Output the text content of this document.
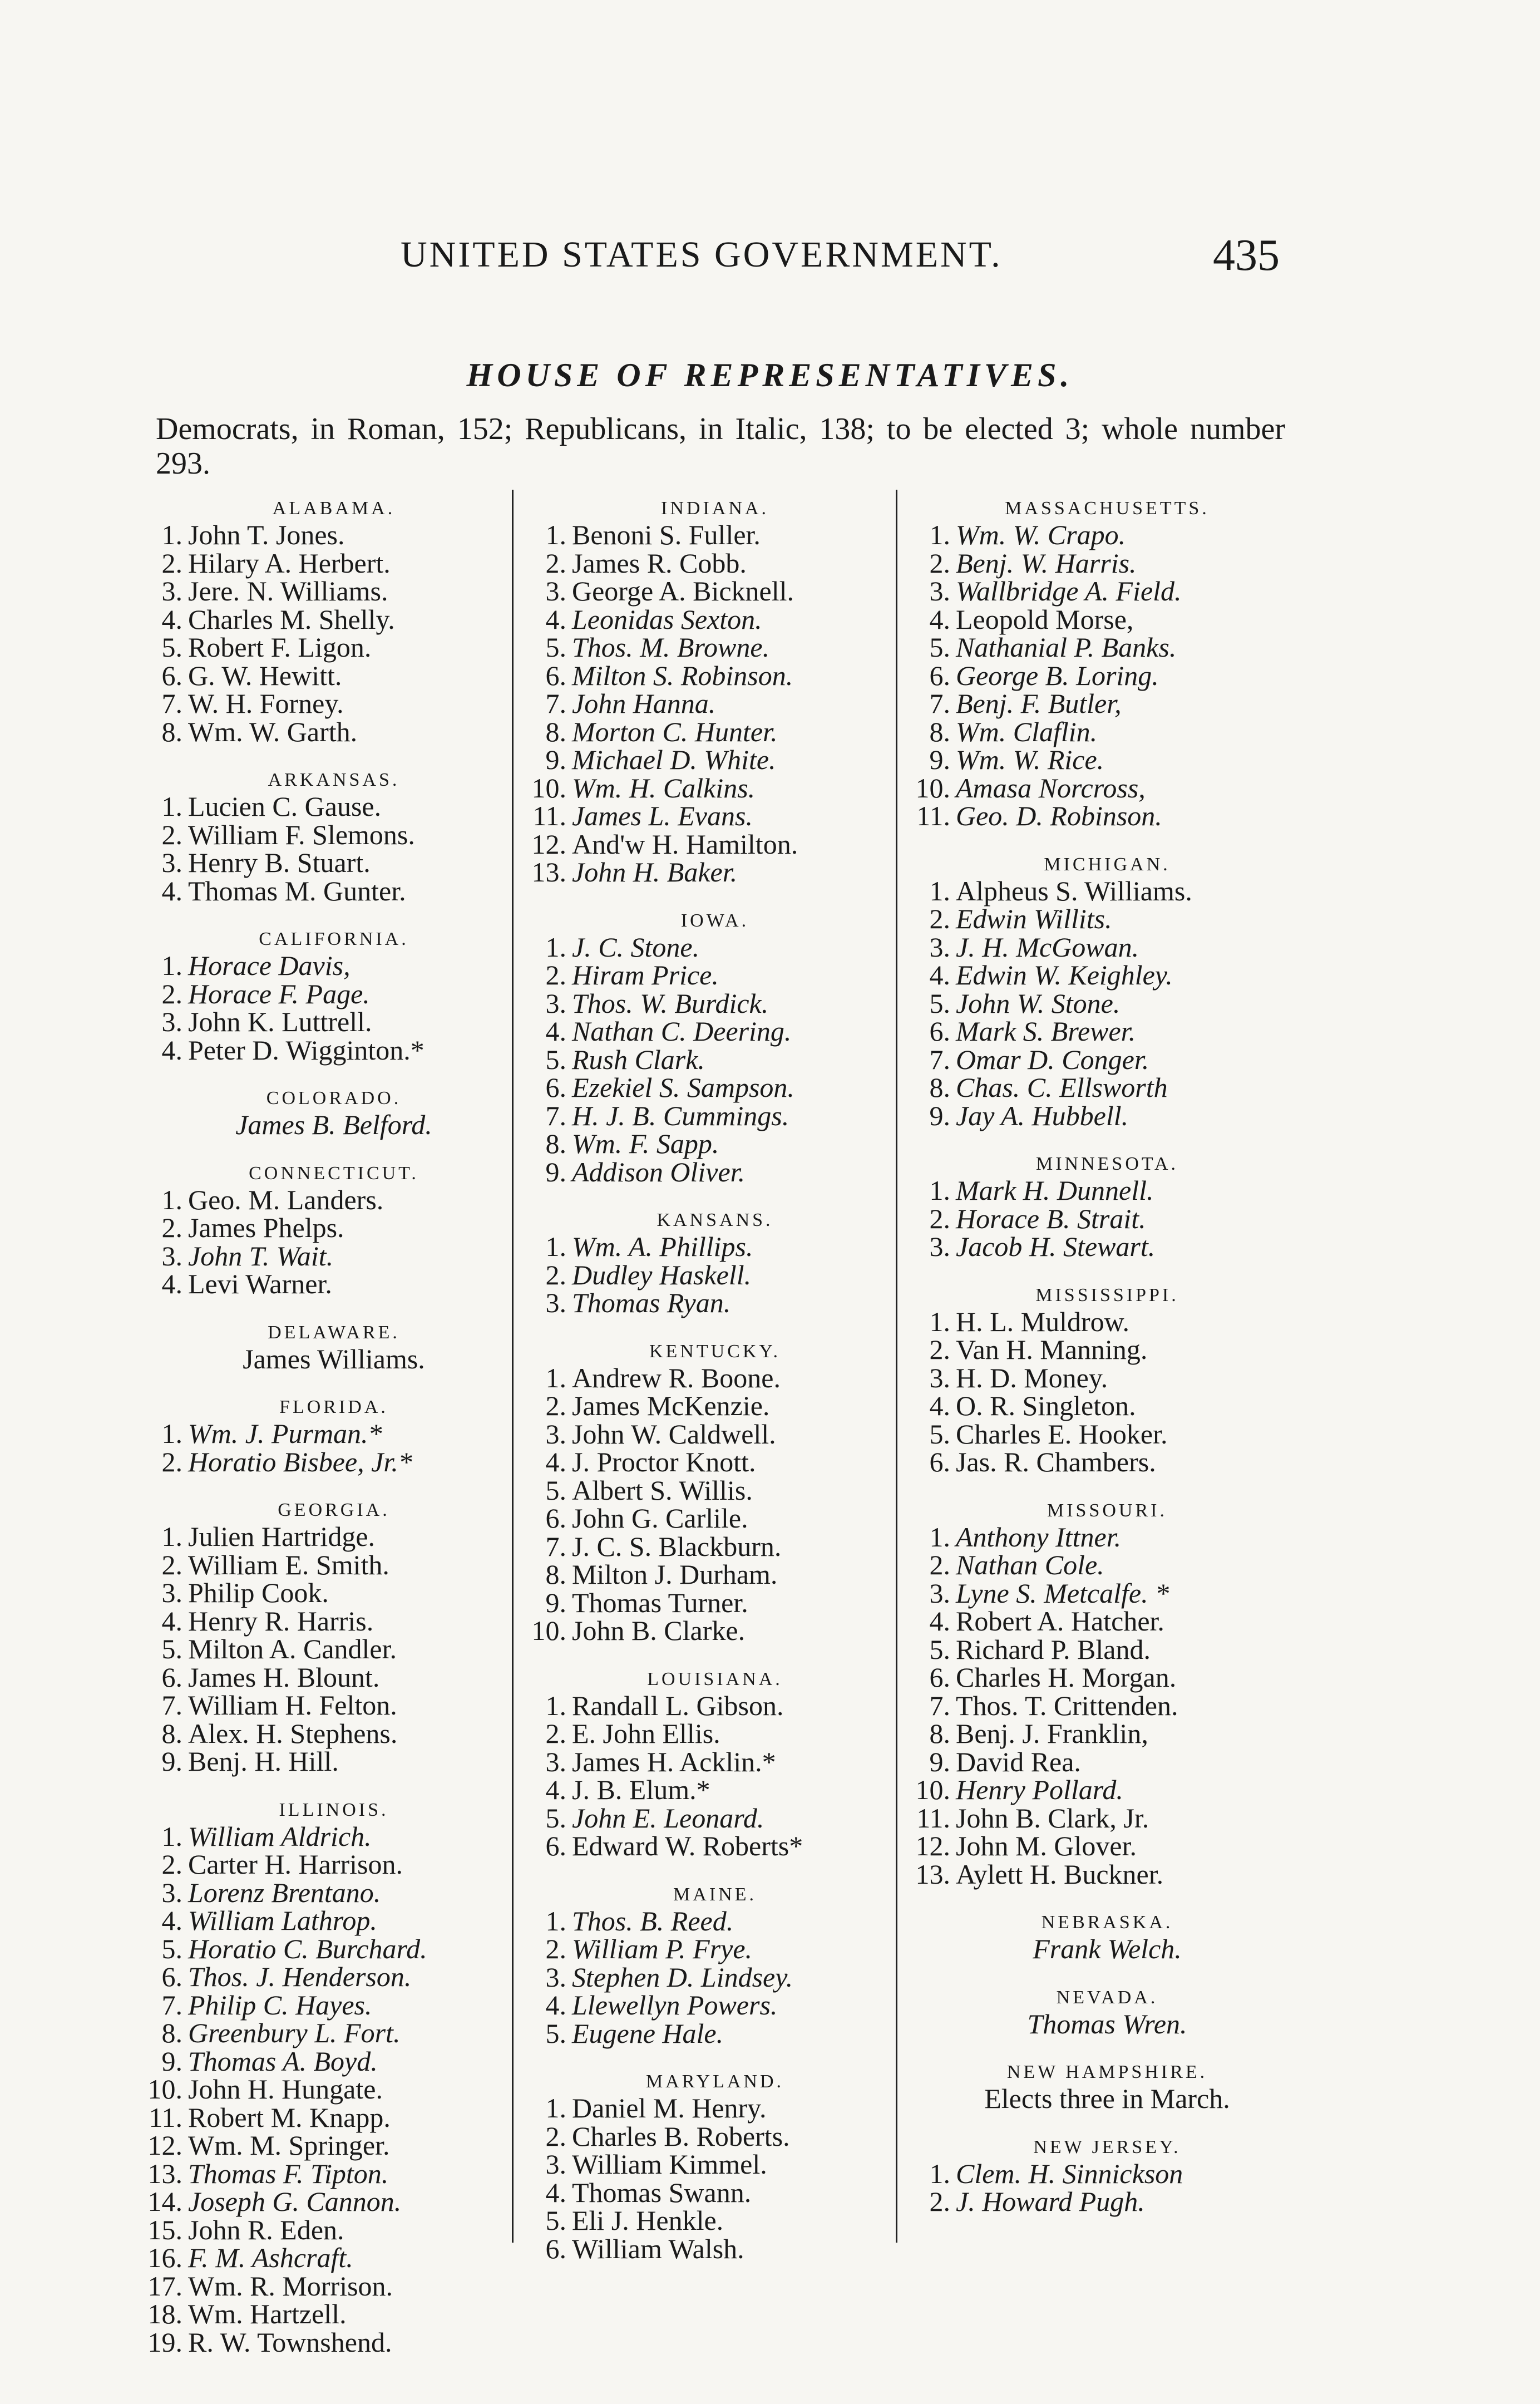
UNITED STATES GOVERNMENT.	435
HOUSE OF REPRESENTATIVES.
Democrats, in Roman, 152; Republicans, in Italic, 138; to be elected 3; whole number 293.
ALABAMA.
1. John T. Jones.
2. Hilary A. Herbert.
3. Jere. N. Williams.
4. Charles M. Shelly.
5. Robert F. Ligon.
6. G. W. Hewitt.
7. W. H. Forney.
8. Wm. W. Garth.
ARKANSAS.
1. Lucien C. Gause.
2. William F. Slemons.
3. Henry B. Stuart.
4. Thomas M. Gunter.
CALIFORNIA.
1. Horace Davis,
2. Horace F. Page.
3. John K. Luttrell.
4. Peter D. Wigginton.*
COLORADO.
James B. Belford.
CONNECTICUT.
1. Geo. M. Landers.
2. James Phelps.
3. John T. Wait.
4. Levi Warner.
DELAWARE.
James Williams.
FLORIDA.
1. Wm. J. Purman.*
2. Horatio Bisbee, Jr.*
GEORGIA.
1. Julien Hartridge.
2. William E. Smith.
3. Philip Cook.
4. Henry R. Harris.
5. Milton A. Candler.
6. James H. Blount.
7. William H. Felton.
8. Alex. H. Stephens.
9. Benj. H. Hill.
ILLINOIS.
1. William Aldrich.
2. Carter H. Harrison.
3. Lorenz Brentano.
4. William Lathrop.
5. Horatio C. Burchard.
6. Thos. J. Henderson.
7. Philip C. Hayes.
8. Greenbury L. Fort.
9. Thomas A. Boyd.
10. John H. Hungate.
11. Robert M. Knapp.
12. Wm. M. Springer.
13. Thomas F. Tipton.
14. Joseph G. Cannon.
15. John R. Eden.
16. F. M. Ashcraft.
17. Wm. R. Morrison.
18. Wm. Hartzell.
19. R. W. Townshend.
INDIANA.
1. Benoni S. Fuller.
2. James R. Cobb.
3. George A. Bicknell.
4. Leonidas Sexton.
5. Thos. M. Browne.
6. Milton S. Robinson.
7. John Hanna.
8. Morton C. Hunter.
9. Michael D. White.
10. Wm. H. Calkins.
11. James L. Evans.
12. And'w H. Hamilton.
13. John H. Baker.
IOWA.
1. J. C. Stone.
2. Hiram Price.
3. Thos. W. Burdick.
4. Nathan C. Deering.
5. Rush Clark.
6. Ezekiel S. Sampson.
7. H. J. B. Cummings.
8. Wm. F. Sapp.
9. Addison Oliver.
KANSANS.
1. Wm. A. Phillips.
2. Dudley Haskell.
3. Thomas Ryan.
KENTUCKY.
1. Andrew R. Boone.
2. James McKenzie.
3. John W. Caldwell.
4. J. Proctor Knott.
5. Albert S. Willis.
6. John G. Carlile.
7. J. C. S. Blackburn.
8. Milton J. Durham.
9. Thomas Turner.
10. John B. Clarke.
LOUISIANA.
1. Randall L. Gibson.
2. E. John Ellis.
3. James H. Acklin.*
4. J. B. Elum.*
5. John E. Leonard.
6. Edward W. Roberts*
MAINE.
1. Thos. B. Reed.
2. William P. Frye.
3. Stephen D. Lindsey.
4. Llewellyn Powers.
5. Eugene Hale.
MARYLAND.
1. Daniel M. Henry.
2. Charles B. Roberts.
3. William Kimmel.
4. Thomas Swann.
5. Eli J. Henkle.
6. William Walsh.
MASSACHUSETTS.
1. Wm. W. Crapo.
2. Benj. W. Harris.
3. Wallbridge A. Field.
4. Leopold Morse,
5. Nathanial P. Banks.
6. George B. Loring.
7. Benj. F. Butler,
8. Wm. Claflin.
9. Wm. W. Rice.
10. Amasa Norcross,
11. Geo. D. Robinson.
MICHIGAN.
1. Alpheus S. Williams.
2. Edwin Willits.
3. J. H. McGowan.
4. Edwin W. Keighley.
5. John W. Stone.
6. Mark S. Brewer.
7. Omar D. Conger.
8. Chas. C. Ellsworth
9. Jay A. Hubbell.
MINNESOTA.
1. Mark H. Dunnell.
2. Horace B. Strait.
3. Jacob H. Stewart.
MISSISSIPPI.
1. H. L. Muldrow.
2. Van H. Manning.
3. H. D. Money.
4. O. R. Singleton.
5. Charles E. Hooker.
6. Jas. R. Chambers.
MISSOURI.
1. Anthony Ittner.
2. Nathan Cole.
3. Lyne S. Metcalfe. *
4. Robert A. Hatcher.
5. Richard P. Bland.
6. Charles H. Morgan.
7. Thos. T. Crittenden.
8. Benj. J. Franklin,
9. David Rea.
10. Henry Pollard.
11. John B. Clark, Jr.
12. John M. Glover.
13. Aylett H. Buckner.
NEBRASKA.
Frank Welch.
NEVADA.
Thomas Wren.
NEW HAMPSHIRE.
Elects three in March.
NEW JERSEY.
1. Clem. H. Sinnickson
2. J. Howard Pugh.
